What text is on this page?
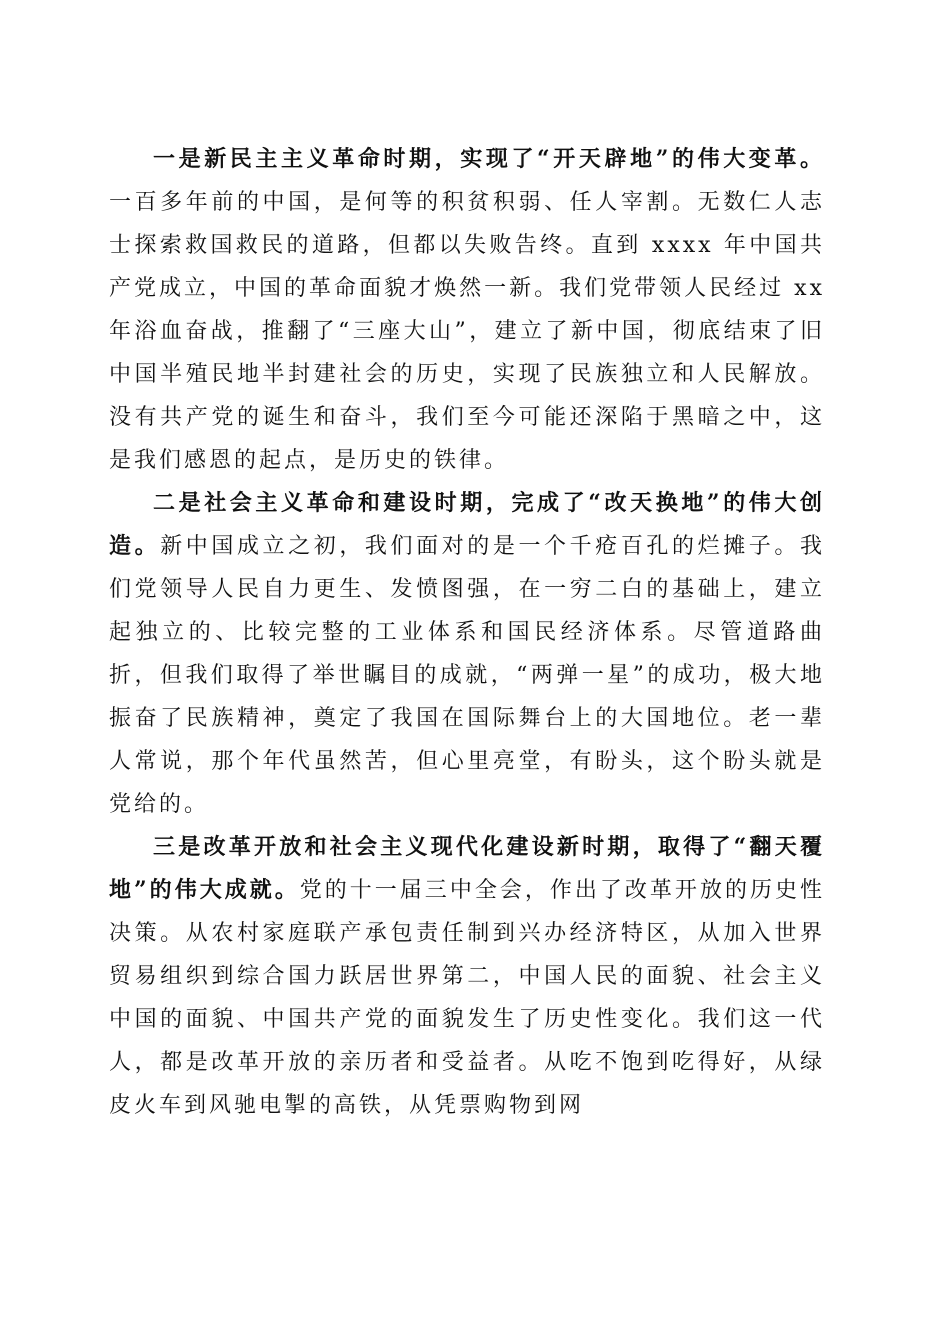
一是新民主主义革命时期，实现了“开天辟地”的伟大变革。一百多年前的中国，是何等的积贫积弱、任人宰割。无数仁人志士探索救国救民的道路，但都以失败告终。直到 xxxx 年中国共产党成立，中国的革命面貌才焕然一新。我们党带领人民经过 xx 年浴血奋战，推翻了“三座大山”，建立了新中国，彻底结束了旧中国半殖民地半封建社会的历史，实现了民族独立和人民解放。没有共产党的诞生和奋斗，我们至今可能还深陷于黑暗之中，这是我们感恩的起点，是历史的铁律。

二是社会主义革命和建设时期，完成了“改天换地”的伟大创造。新中国成立之初，我们面对的是一个千疮百孔的烂摊子。我们党领导人民自力更生、发愤图强，在一穷二白的基础上，建立起独立的、比较完整的工业体系和国民经济体系。尽管道路曲折，但我们取得了举世瞩目的成就，“两弹一星”的成功，极大地振奋了民族精神，奠定了我国在国际舞台上的大国地位。老一辈人常说，那个年代虽然苦，但心里亮堂，有盼头，这个盼头就是党给的。

三是改革开放和社会主义现代化建设新时期，取得了“翻天覆地”的伟大成就。党的十一届三中全会，作出了改革开放的历史性决策。从农村家庭联产承包责任制到兴办经济特区，从加入世界贸易组织到综合国力跃居世界第二，中国人民的面貌、社会主义中国的面貌、中国共产党的面貌发生了历史性变化。我们这一代人，都是改革开放的亲历者和受益者。从吃不饱到吃得好，从绿皮火车到风驰电掣的高铁，从凭票购物到网
